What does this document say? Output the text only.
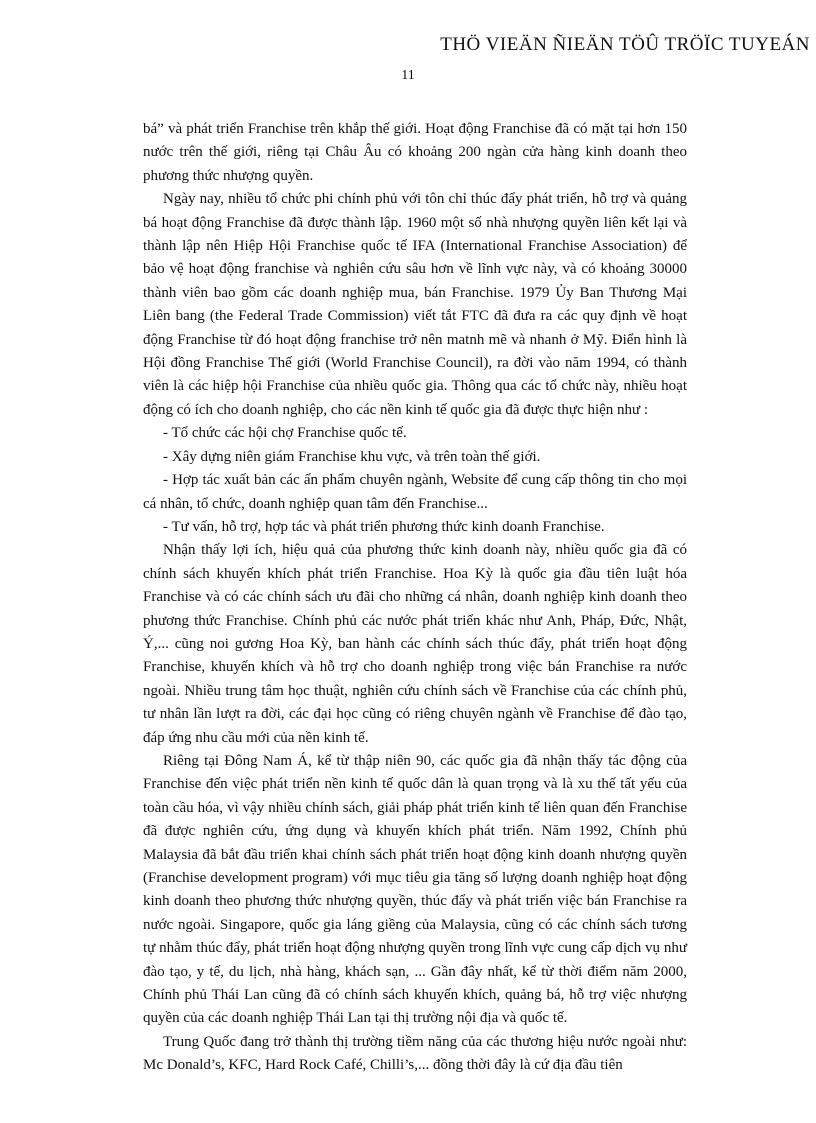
THÖ VIEÄN ÑIEÄN TÖÛ TRÖÏC TUYEÁN
11

bá” và phát triển Franchise trên khắp thế giới. Hoạt động Franchise đã có mặt tại hơn 150 nước trên thế giới, riêng tại Châu Âu có khoảng 200 ngàn cửa hàng kinh doanh theo phương thức nhượng quyền.

Ngày nay, nhiều tổ chức phi chính phủ với tôn chỉ thúc đẩy phát triển, hỗ trợ và quảng bá hoạt động Franchise đã được thành lập. 1960 một số nhà nhượng quyền liên kết lại và thành lập nên Hiệp Hội Franchise quốc tế IFA (International Franchise Association) để bảo vệ hoạt động franchise và nghiên cứu sâu hơn về lĩnh vực này, và có khoảng 30000 thành viên bao gồm các doanh nghiệp mua, bán Franchise. 1979 Ủy Ban Thương Mại Liên bang (the Federal Trade Commission) viết tắt FTC đã đưa ra các quy định về hoạt động Franchise từ đó hoạt động franchise trở nên matnh mẽ và nhanh ở Mỹ. Điển hình là Hội đồng Franchise Thế giới (World Franchise Council), ra đời vào năm 1994, có thành viên là các hiệp hội Franchise của nhiều quốc gia. Thông qua các tổ chức này, nhiều hoạt động có ích cho doanh nghiệp, cho các nền kinh tế quốc gia đã được thực hiện như :

- Tổ chức các hội chợ Franchise quốc tế.

- Xây dựng niên giám Franchise khu vực, và trên toàn thế giới.

- Hợp tác xuất bản các ấn phẩm chuyên ngành, Website để cung cấp thông tin cho mọi cá nhân, tổ chức, doanh nghiệp quan tâm đến Franchise...

- Tư vấn, hỗ trợ, hợp tác và phát triển phương thức kinh doanh Franchise.

Nhận thấy lợi ích, hiệu quả của phương thức kinh doanh này, nhiều quốc gia đã có chính sách khuyến khích phát triển Franchise. Hoa Kỳ là quốc gia đầu tiên luật hóa Franchise và có các chính sách ưu đãi cho những cá nhân, doanh nghiệp kinh doanh theo phương thức Franchise. Chính phủ các nước phát triển khác như Anh, Pháp, Đức, Nhật, Ý,... cũng noi gương Hoa Kỳ, ban hành các chính sách thúc đẩy, phát triển hoạt động Franchise, khuyến khích và hỗ trợ cho doanh nghiệp trong việc bán Franchise ra nước ngoài. Nhiều trung tâm học thuật, nghiên cứu chính sách về Franchise của các chính phủ, tư nhân lần lượt ra đời, các đại học cũng có riêng chuyên ngành về Franchise để đào tạo, đáp ứng nhu cầu mới của nền kinh tế.

Riêng tại Đông Nam Á, kể từ thập niên 90, các quốc gia đã nhận thấy tác động của Franchise đến việc phát triển nền kinh tế quốc dân là quan trọng và là xu thế tất yếu của toàn cầu hóa, vì vậy nhiều chính sách, giải pháp phát triển kinh tế liên quan đến Franchise đã được nghiên cứu, ứng dụng và khuyến khích phát triển. Năm 1992, Chính phủ Malaysia đã bắt đầu triển khai chính sách phát triển hoạt động kinh doanh nhượng quyền (Franchise development program) với mục tiêu gia tăng số lượng doanh nghiệp hoạt động kinh doanh theo phương thức nhượng quyền, thúc đẩy và phát triển việc bán Franchise ra nước ngoài. Singapore, quốc gia láng giềng của Malaysia, cũng có các chính sách tương tự nhằm thúc đẩy, phát triển hoạt động nhượng quyền trong lĩnh vực cung cấp dịch vụ như đào tạo, y tế, du lịch, nhà hàng, khách sạn, ... Gần đây nhất, kể từ thời điểm năm 2000, Chính phủ Thái Lan cũng đã có chính sách khuyến khích, quảng bá, hỗ trợ việc nhượng quyền của các doanh nghiệp Thái Lan tại thị trường nội địa và quốc tế.

Trung Quốc đang trở thành thị trường tiềm năng của các thương hiệu nước ngoài như: Mc Donald’s, KFC, Hard Rock Café, Chilli’s,... đồng thời đây là cứ địa đầu tiên
